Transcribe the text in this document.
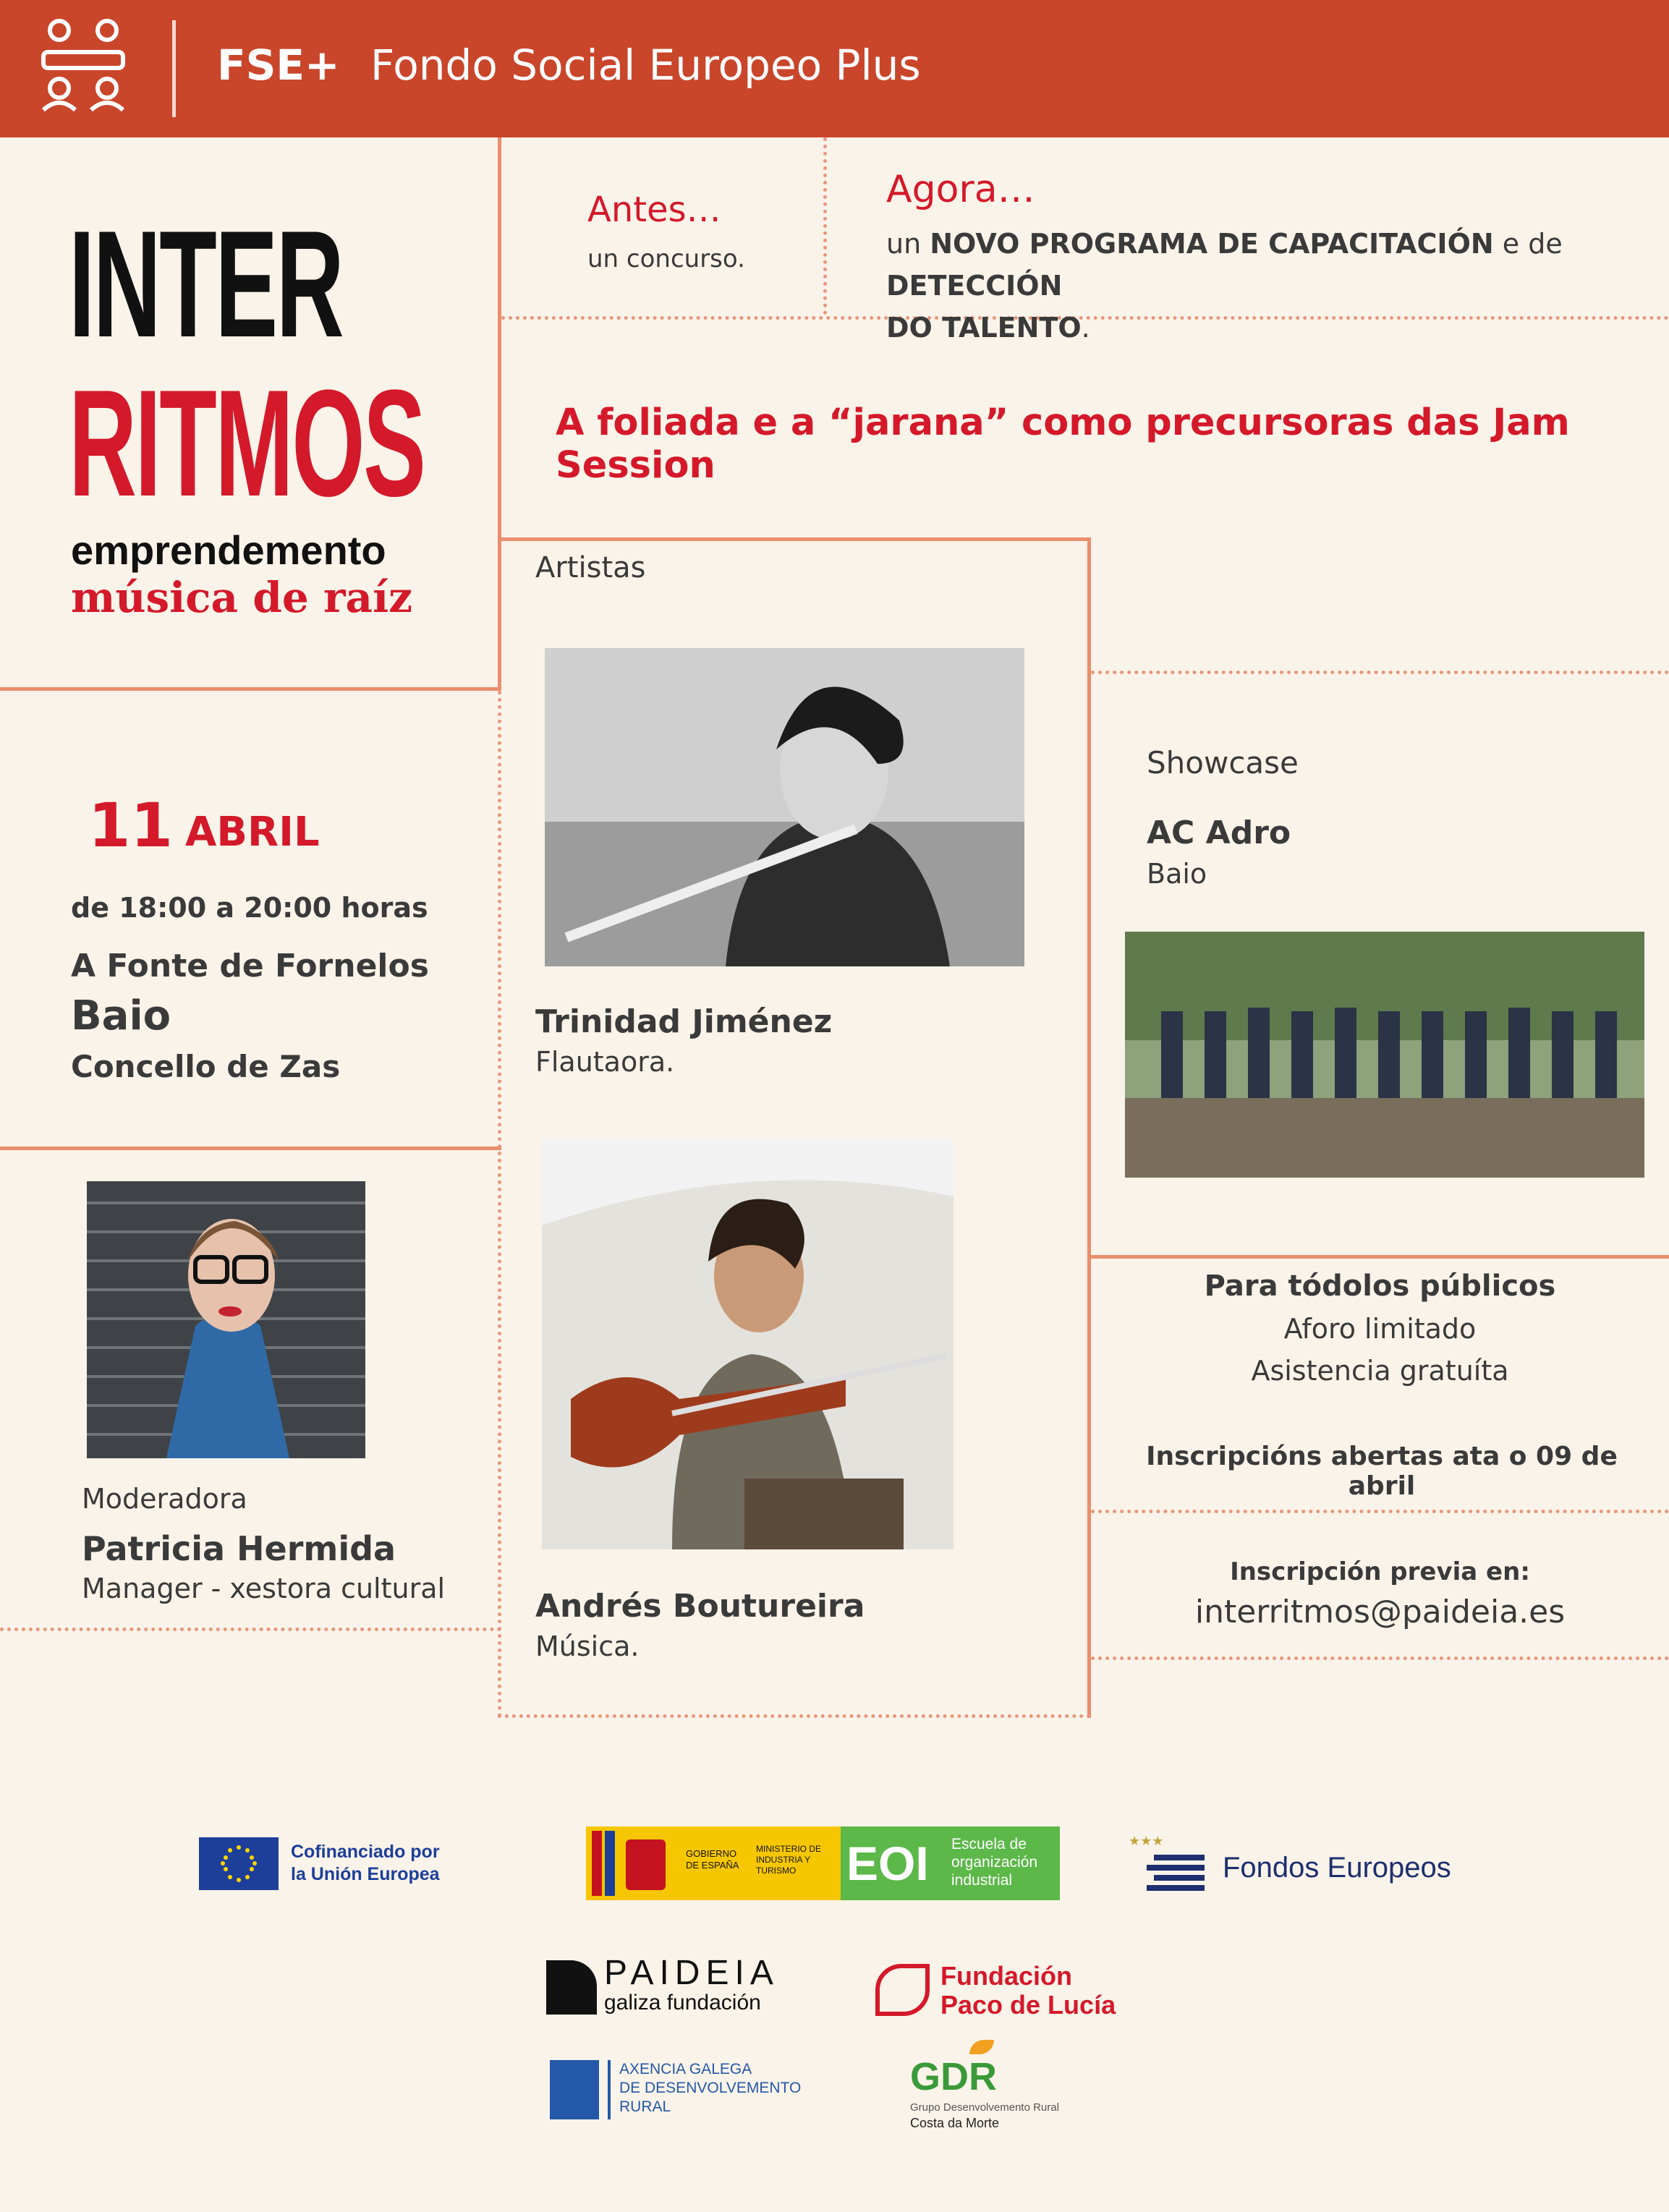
FSE+ Fondo Social Europeo Plus
INTER
RITMOS
emprendemento
música de raíz
Antes…
un concurso.
Agora…
un NOVO PROGRAMA DE CAPACITACIÓN e de DETECCIÓN
DO TALENTO.
A foliada e a “jarana” como precursoras das Jam Session
11 ABRIL
de 18:00 a 20:00 horas
A Fonte de Fornelos
Baio
Concello de Zas
Moderadora
Patricia Hermida
Manager - xestora cultural
Artistas
Trinidad Jiménez
Flautaora.
Andrés Boutureira
Música.
Showcase
AC Adro
Baio
Para tódolos públicos
Aforo limitado
Asistencia gratuíta
Inscripcións abertas ata o 09 de abril
Inscripción previa en:
interritmos@paideia.es
Cofinanciado por
la Unión Europea
GOBIERNO DE ESPAÑA
MINISTERIO DE INDUSTRIA Y TURISMO	EOI Escuela de organización industrial
★★★
Fondos Europeos
PAIDEIA
galiza fundación
Fundación
Paco de Lucía
AXENCIA GALEGA
DE DESENVOLVEMENTO
RURAL
GDR
Grupo Desenvolvemento Rural
Costa da Morte
